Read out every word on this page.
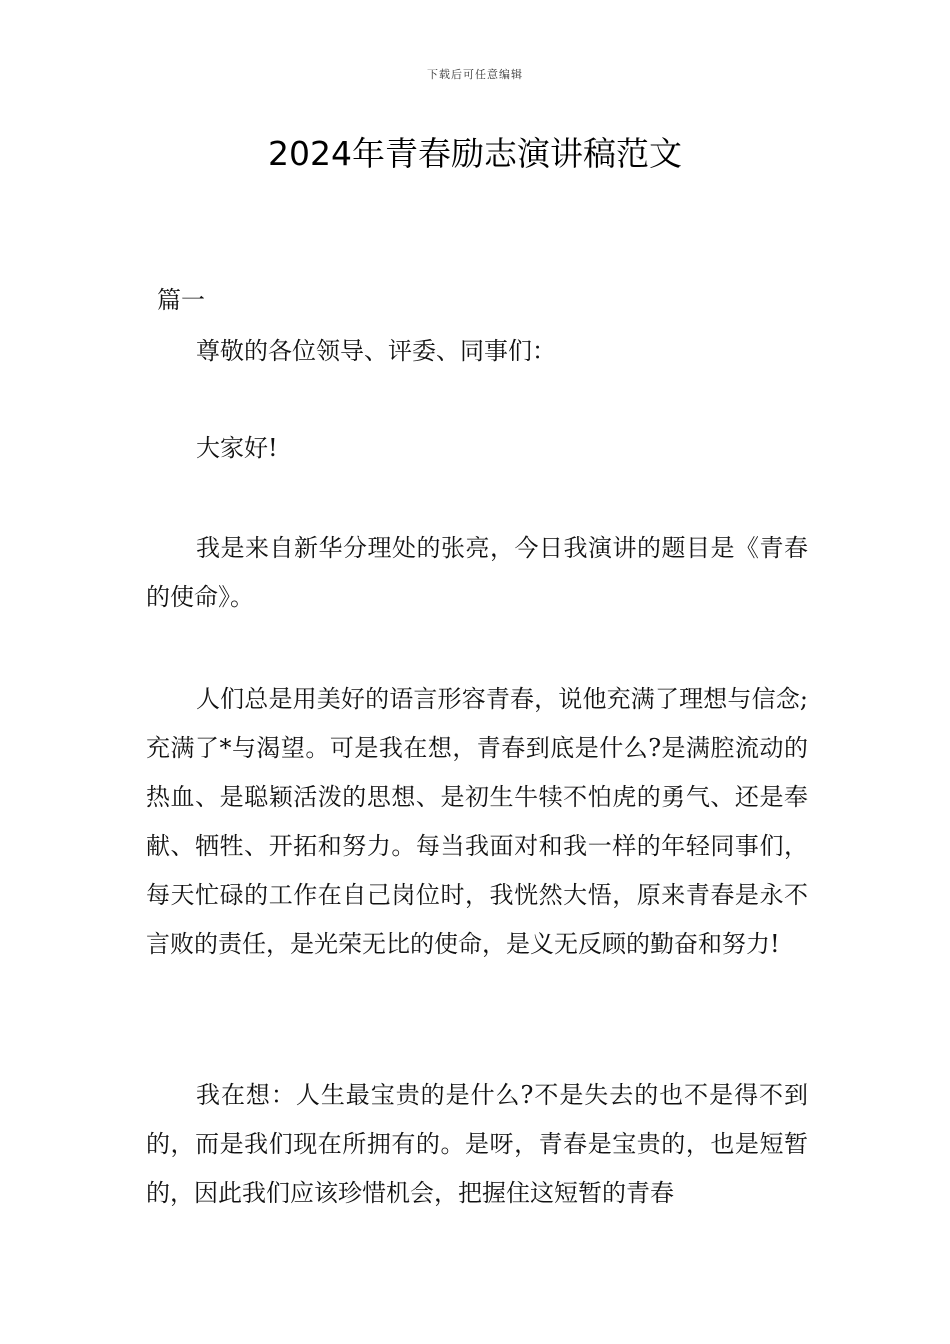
下载后可任意编辑
2024年青春励志演讲稿范文

篇一

尊敬的各位领导、评委、同事们：

大家好!

我是来自新华分理处的张亮，今日我演讲的题目是《青春的使命》。

人们总是用美好的语言形容青春，说他充满了理想与信念;充满了*与渴望。可是我在想，青春到底是什么?是满腔流动的热血、是聪颖活泼的思想、是初生牛犊不怕虎的勇气、还是奉献、牺牲、开拓和努力。每当我面对和我一样的年轻同事们，每天忙碌的工作在自己岗位时，我恍然大悟，原来青春是永不言败的责任，是光荣无比的使命，是义无反顾的勤奋和努力!

我在想：人生最宝贵的是什么?不是失去的也不是得不到的，而是我们现在所拥有的。是呀，青春是宝贵的，也是短暂的，因此我们应该珍惜机会，把握住这短暂的青春
